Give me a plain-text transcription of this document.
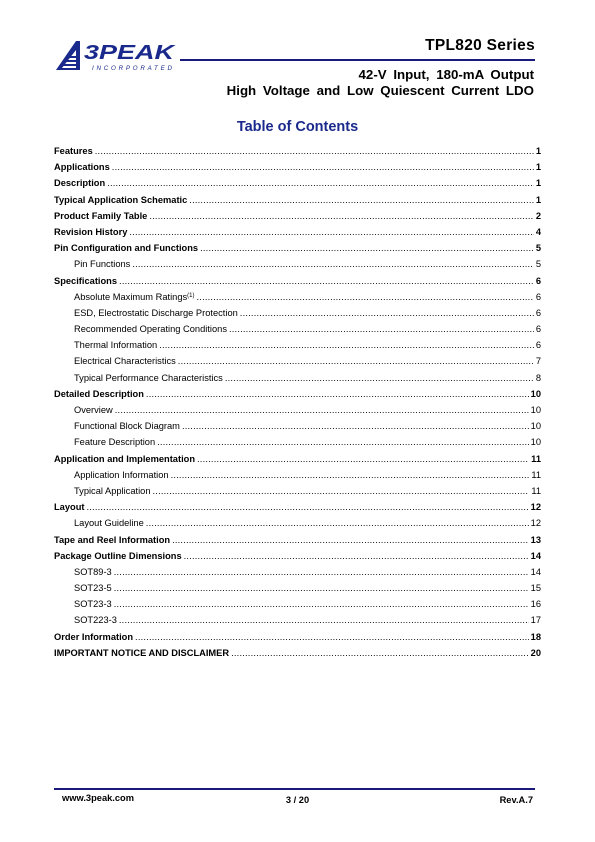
3PEAK
INCORPORATED
TPL820 Series
42-V Input, 180-mA Output
High Voltage and Low Quiescent Current LDO
Table of Contents
Features .....	1
Applications .....	1
Description .....	1
Typical Application Schematic .....	1
Product Family Table .....	2
Revision History .....	4
Pin Configuration and Functions .....	5
Pin Functions .....	5
Specifications .....	6
Absolute Maximum Ratings$^{(1)}$ .....	6
ESD, Electrostatic Discharge Protection .....	6
Recommended Operating Conditions .....	6
Thermal Information .....	6
Electrical Characteristics .....	7
Typical Performance Characteristics .....	8
Detailed Description .....	10
Overview .....	10
Functional Block Diagram .....	10
Feature Description .....	10
Application and Implementation .....	11
Application Information .....	11
Typical Application .....	11
Layout .....	12
Layout Guideline .....	12
Tape and Reel Information .....	13
Package Outline Dimensions .....	14
SOT89-3 .....	14
SOT23-5 .....	15
SOT23-3 .....	16
SOT223-3 .....	17
Order Information .....	18
IMPORTANT NOTICE AND DISCLAIMER .....	20
www.3peak.com	3 / 20	Rev.A.7
